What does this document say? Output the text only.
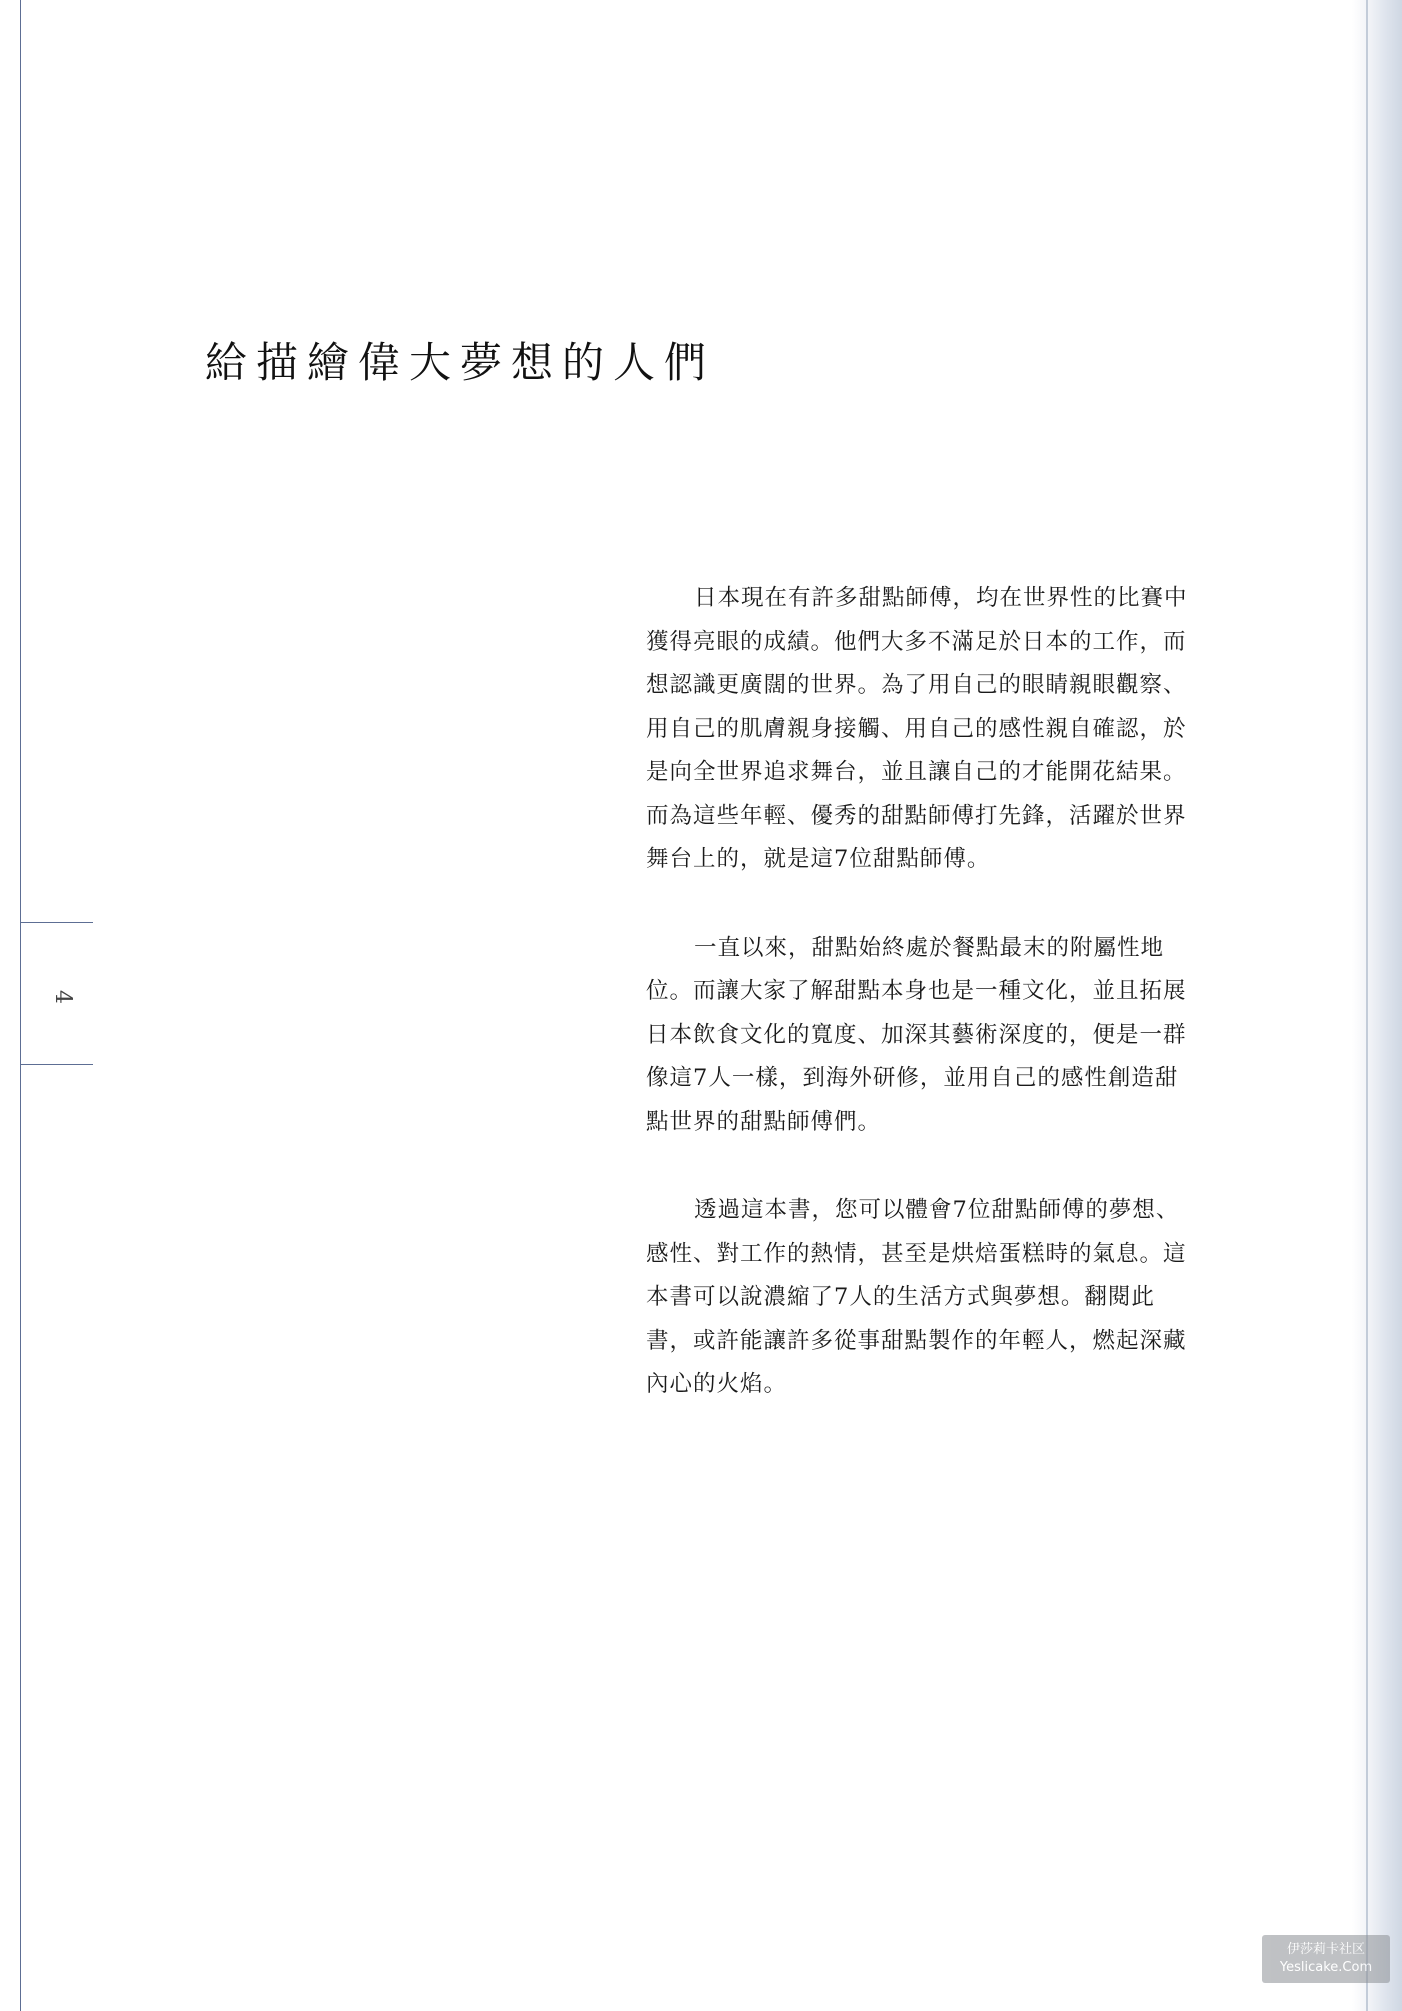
4
給描繪偉大夢想的人們

日本現在有許多甜點師傅，均在世界性的比賽中
獲得亮眼的成績。他們大多不滿足於日本的工作，而
想認識更廣闊的世界。為了用自己的眼睛親眼觀察、
用自己的肌膚親身接觸、用自己的感性親自確認，於
是向全世界追求舞台，並且讓自己的才能開花結果。
而為這些年輕、優秀的甜點師傅打先鋒，活躍於世界
舞台上的，就是這7位甜點師傅。

一直以來，甜點始終處於餐點最末的附屬性地
位。而讓大家了解甜點本身也是一種文化，並且拓展
日本飲食文化的寬度、加深其藝術深度的，便是一群
像這7人一樣，到海外研修，並用自己的感性創造甜
點世界的甜點師傅們。

透過這本書，您可以體會7位甜點師傅的夢想、
感性、對工作的熱情，甚至是烘焙蛋糕時的氣息。這
本書可以說濃縮了7人的生活方式與夢想。翻閱此
書，或許能讓許多從事甜點製作的年輕人，燃起深藏
內心的火焰。

伊莎莉卡社区
Yeslicake.Com
